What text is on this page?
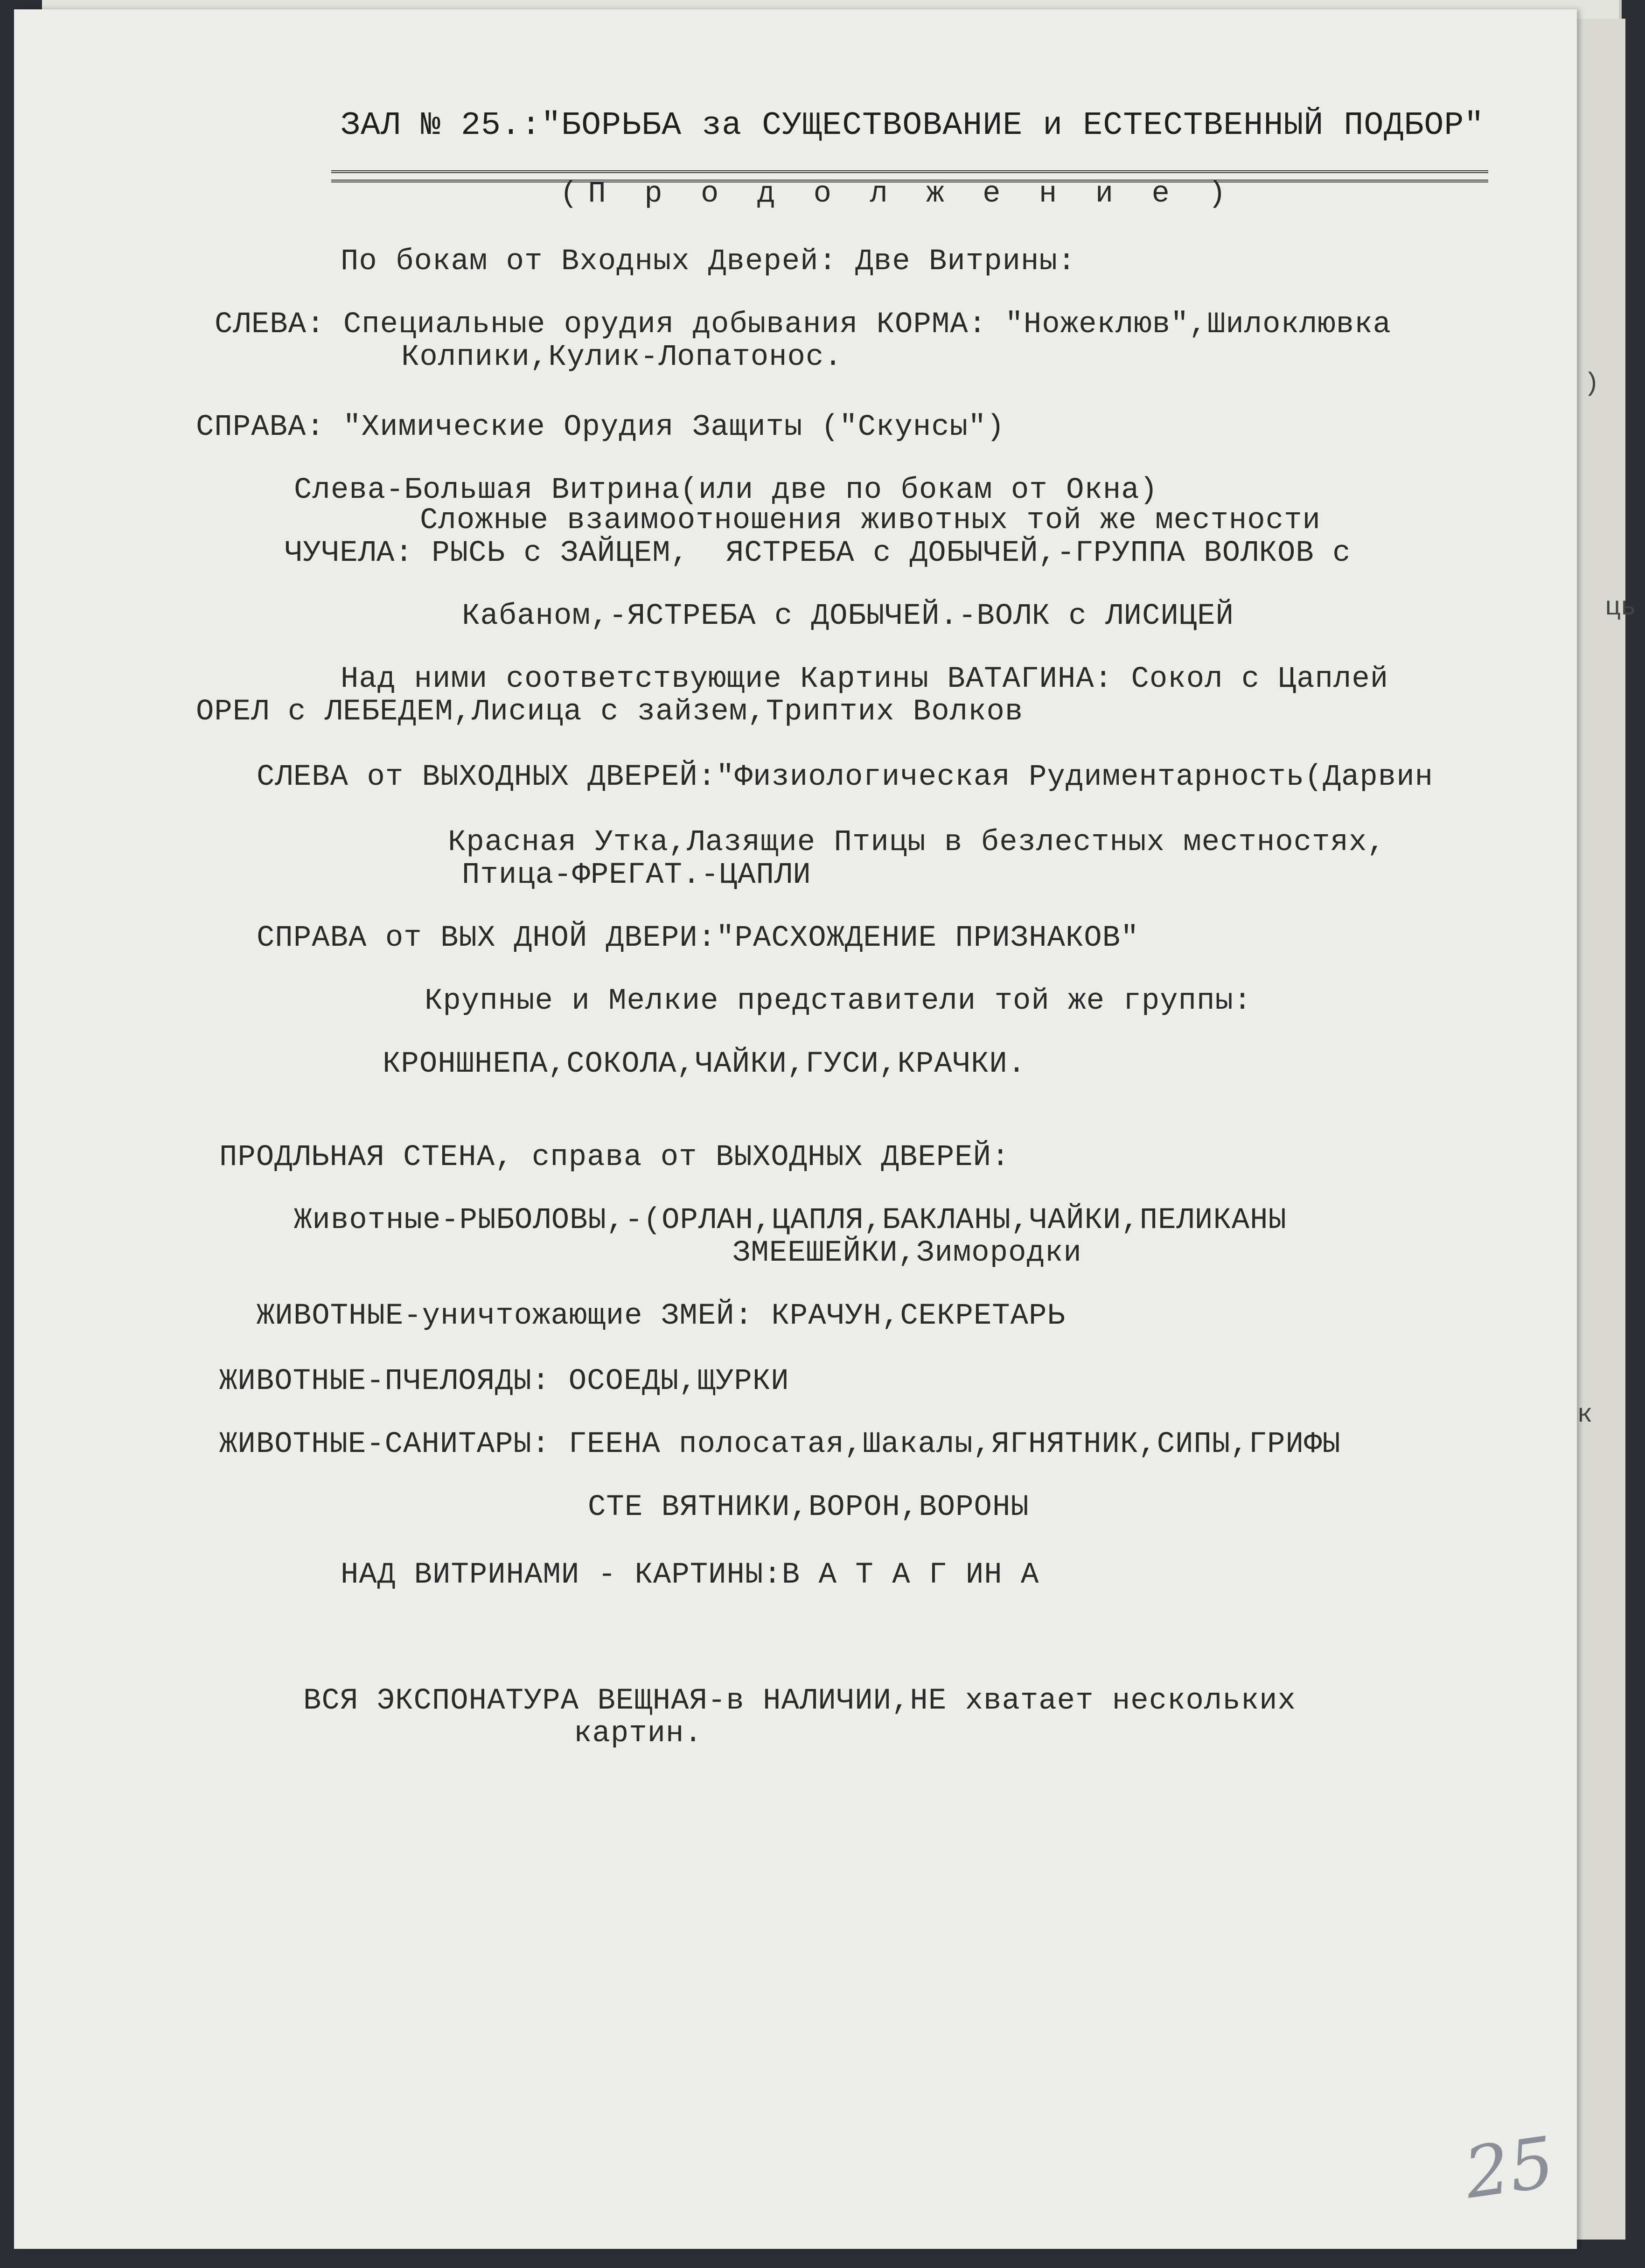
)
ць
к
ЗАЛ № 25.:"БОРЬБА за СУЩЕСТВОВАНИЕ и ЕСТЕСТВЕННЫЙ ПОДБОР"
(П р о д о л ж е н и е )
По бокам от Входных Дверей: Две Витрины:
СЛЕВА: Специальные орудия добывания КОРМА: "Ножеклюв",Шилоклювка
Колпики,Кулик-Лопатонос.
СПРАВА: "Химические Орудия Защиты ("Скунсы")
Слева-Большая Витрина(или две по бокам от Окна)
Сложные взаимоотношения животных той же местности
ЧУЧЕЛА: РЫСЬ с ЗАЙЦЕМ,  ЯСТРЕБА с ДОБЫЧЕЙ,-ГРУППА ВОЛКОВ с
Кабаном,-ЯСТРЕБА с ДОБЫЧЕЙ.-ВОЛК с ЛИСИЦЕЙ
Над ними соответствующие Картины ВАТАГИНА: Сокол с Цаплей
ОРЕЛ с ЛЕБЕДЕМ,Лисица с зайзем,Триптих Волков
СЛЕВА от ВЫХОДНЫХ ДВЕРЕЙ:"Физиологическая Рудиментарность(Дарвин
Красная Утка,Лазящие Птицы в безлестных местностях,
Птица-ФРЕГАТ.-ЦАПЛИ
СПРАВА от ВЫХ ДНОЙ ДВЕРИ:"РАСХОЖДЕНИЕ ПРИЗНАКОВ"
Крупные и Мелкие представители той же группы:
КРОНШНЕПА,СОКОЛА,ЧАЙКИ,ГУСИ,КРАЧКИ.
ПРОДЛЬНАЯ СТЕНА, справа от ВЫХОДНЫХ ДВЕРЕЙ:
Животные-РЫБОЛОВЫ,-(ОРЛАН,ЦАПЛЯ,БАКЛАНЫ,ЧАЙКИ,ПЕЛИКАНЫ
ЗМЕЕШЕЙКИ,Зимородки
ЖИВОТНЫЕ-уничтожающие ЗМЕЙ: КРАЧУН,СЕКРЕТАРЬ
ЖИВОТНЫЕ-ПЧЕЛОЯДЫ: ОСОЕДЫ,ЩУРКИ
ЖИВОТНЫЕ-САНИТАРЫ: ГЕЕНА полосатая,Шакалы,ЯГНЯТНИК,СИПЫ,ГРИФЫ
СТЕ ВЯТНИКИ,ВОРОН,ВОРОНЫ
НАД ВИТРИНАМИ - КАРТИНЫ:В А Т А Г ИН А
ВСЯ ЭКСПОНАТУРА ВЕЩНАЯ-в НАЛИЧИИ,НЕ хватает нескольких
картин.
25
